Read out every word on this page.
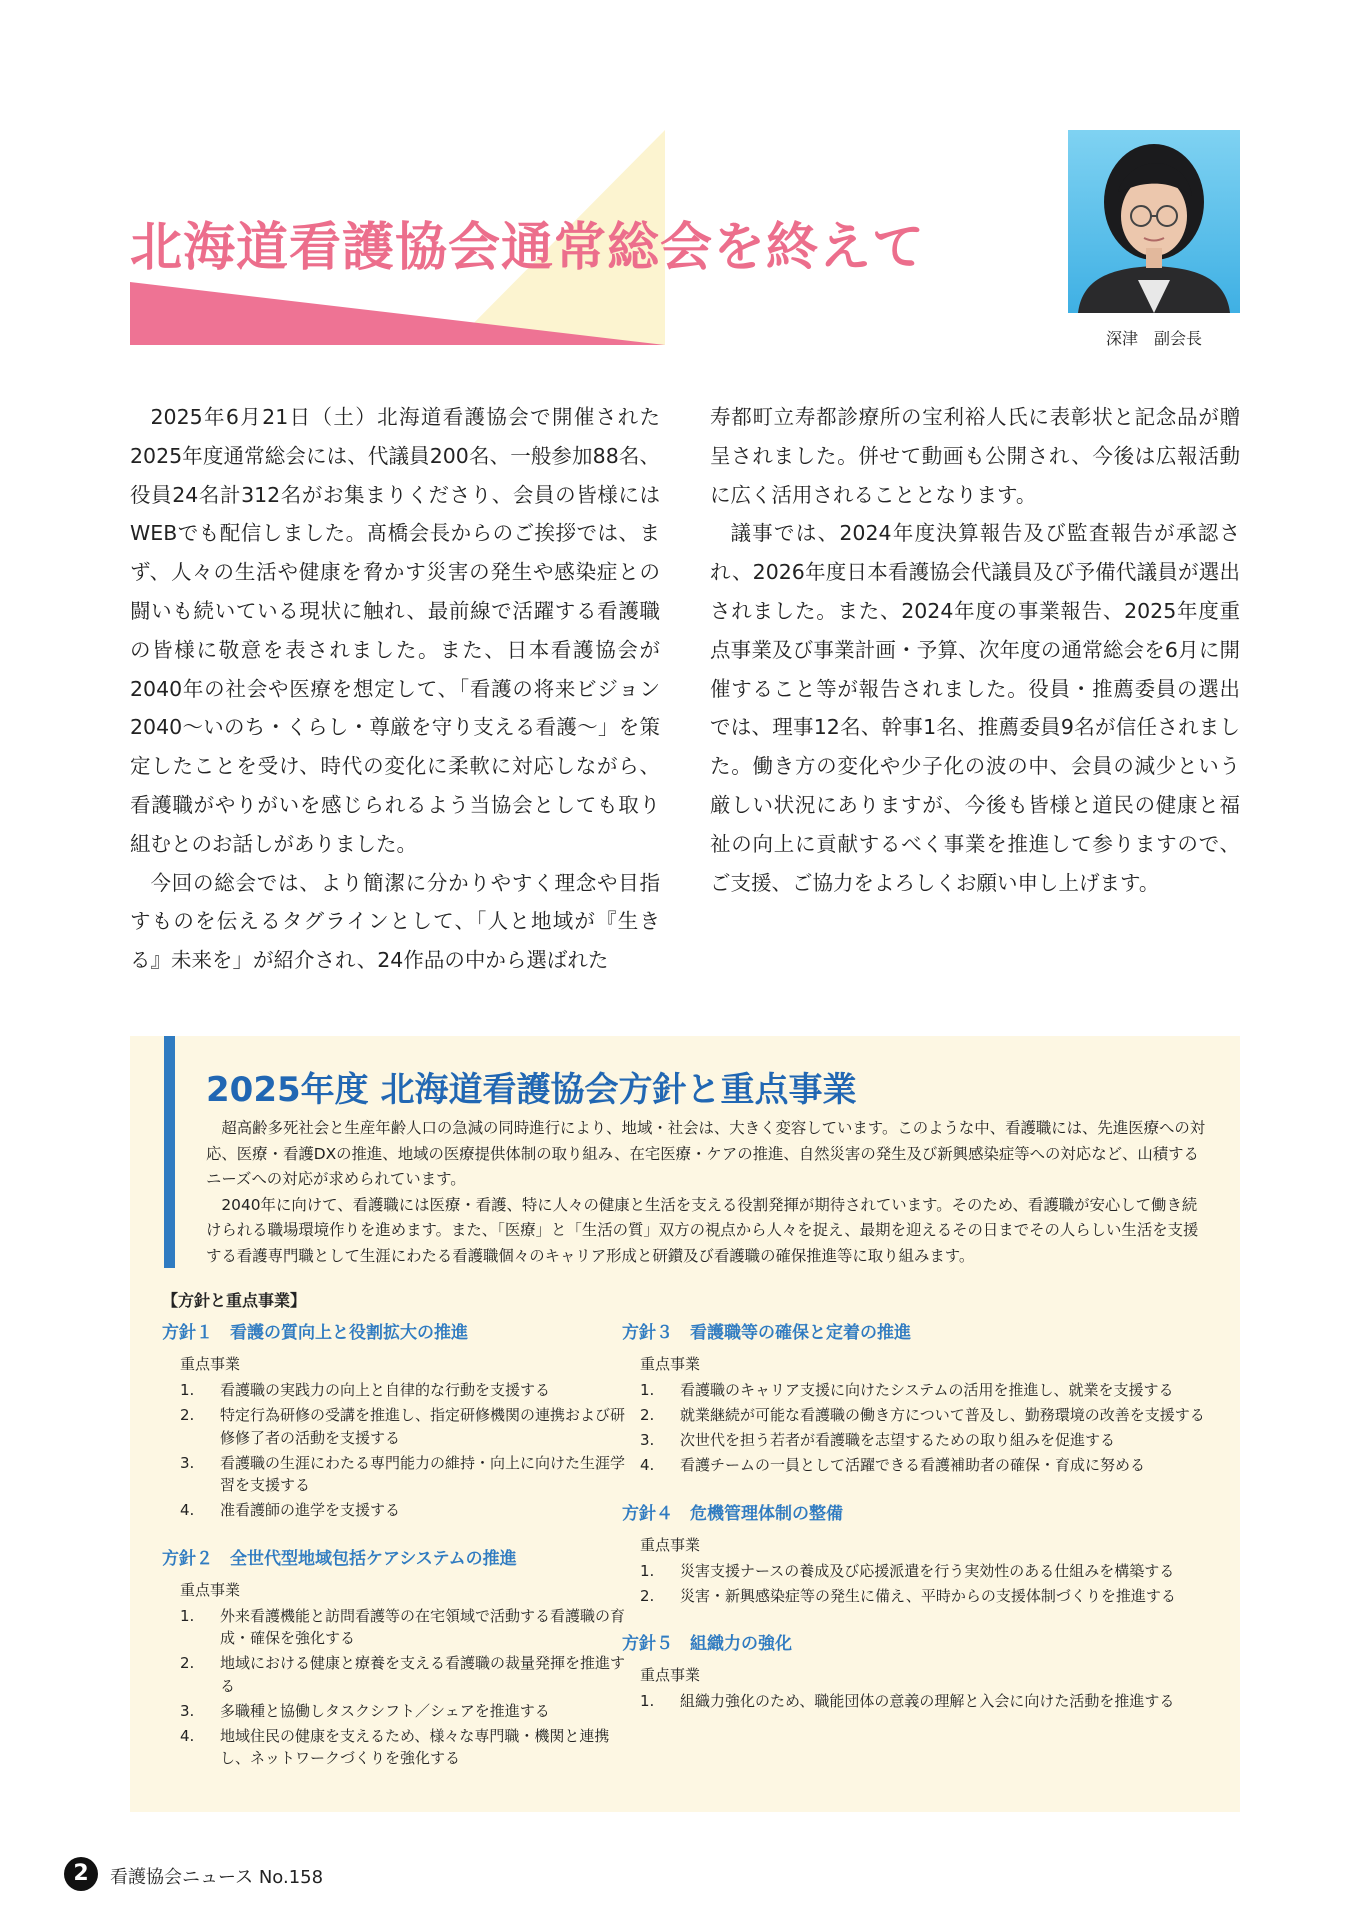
北海道看護協会通常総会を終えて
深津　副会長

2025年6月21日（土）北海道看護協会で開催された2025年度通常総会には、代議員200名、一般参加88名、役員24名計312名がお集まりくださり、会員の皆様にはWEBでも配信しました。髙橋会長からのご挨拶では、まず、人々の生活や健康を脅かす災害の発生や感染症との闘いも続いている現状に触れ、最前線で活躍する看護職の皆様に敬意を表されました。また、日本看護協会が2040年の社会や医療を想定して、「看護の将来ビジョン2040〜いのち・くらし・尊厳を守り支える看護〜」を策定したことを受け、時代の変化に柔軟に対応しながら、看護職がやりがいを感じられるよう当協会としても取り組むとのお話しがありました。

今回の総会では、より簡潔に分かりやすく理念や目指すものを伝えるタグラインとして、「人と地域が『生きる』未来を」が紹介され、24作品の中から選ばれた

寿都町立寿都診療所の宝利裕人氏に表彰状と記念品が贈呈されました。併せて動画も公開され、今後は広報活動に広く活用されることとなります。

議事では、2024年度決算報告及び監査報告が承認され、2026年度日本看護協会代議員及び予備代議員が選出されました。また、2024年度の事業報告、2025年度重点事業及び事業計画・予算、次年度の通常総会を6月に開催すること等が報告されました。役員・推薦委員の選出では、理事12名、幹事1名、推薦委員9名が信任されました。働き方の変化や少子化の波の中、会員の減少という厳しい状況にありますが、今後も皆様と道民の健康と福祉の向上に貢献するべく事業を推進して参りますので、ご支援、ご協力をよろしくお願い申し上げます。

2025年度 北海道看護協会方針と重点事業

超高齢多死社会と生産年齢人口の急減の同時進行により、地域・社会は、大きく変容しています。このような中、看護職には、先進医療への対応、医療・看護DXの推進、地域の医療提供体制の取り組み、在宅医療・ケアの推進、自然災害の発生及び新興感染症等への対応など、山積するニーズへの対応が求められています。

2040年に向けて、看護職には医療・看護、特に人々の健康と生活を支える役割発揮が期待されています。そのため、看護職が安心して働き続けられる職場環境作りを進めます。また、「医療」と「生活の質」双方の視点から人々を捉え、最期を迎えるその日までその人らしい生活を支援する看護専門職として生涯にわたる看護職個々のキャリア形成と研鑚及び看護職の確保推進等に取り組みます。

【方針と重点事業】
方針１　看護の質向上と役割拡大の推進
重点事業
1.	看護職の実践力の向上と自律的な行動を支援する
2.	特定行為研修の受講を推進し、指定研修機関の連携および研修修了者の活動を支援する
3.	看護職の生涯にわたる専門能力の維持・向上に向けた生涯学習を支援する
4.	准看護師の進学を支援する
方針２　全世代型地域包括ケアシステムの推進
重点事業
1.	外来看護機能と訪問看護等の在宅領域で活動する看護職の育成・確保を強化する
2.	地域における健康と療養を支える看護職の裁量発揮を推進する
3.	多職種と協働しタスクシフト／シェアを推進する
4.	地域住民の健康を支えるため、様々な専門職・機関と連携し、ネットワークづくりを強化する
方針３　看護職等の確保と定着の推進
重点事業
1.	看護職のキャリア支援に向けたシステムの活用を推進し、就業を支援する
2.	就業継続が可能な看護職の働き方について普及し、勤務環境の改善を支援する
3.	次世代を担う若者が看護職を志望するための取り組みを促進する
4.	看護チームの一員として活躍できる看護補助者の確保・育成に努める
方針４　危機管理体制の整備
重点事業
1.	災害支援ナースの養成及び応援派遣を行う実効性のある仕組みを構築する
2.	災害・新興感染症等の発生に備え、平時からの支援体制づくりを推進する
方針５　組織力の強化
重点事業
1.	組織力強化のため、職能団体の意義の理解と入会に向けた活動を推進する
2	看護協会ニュース No.158
